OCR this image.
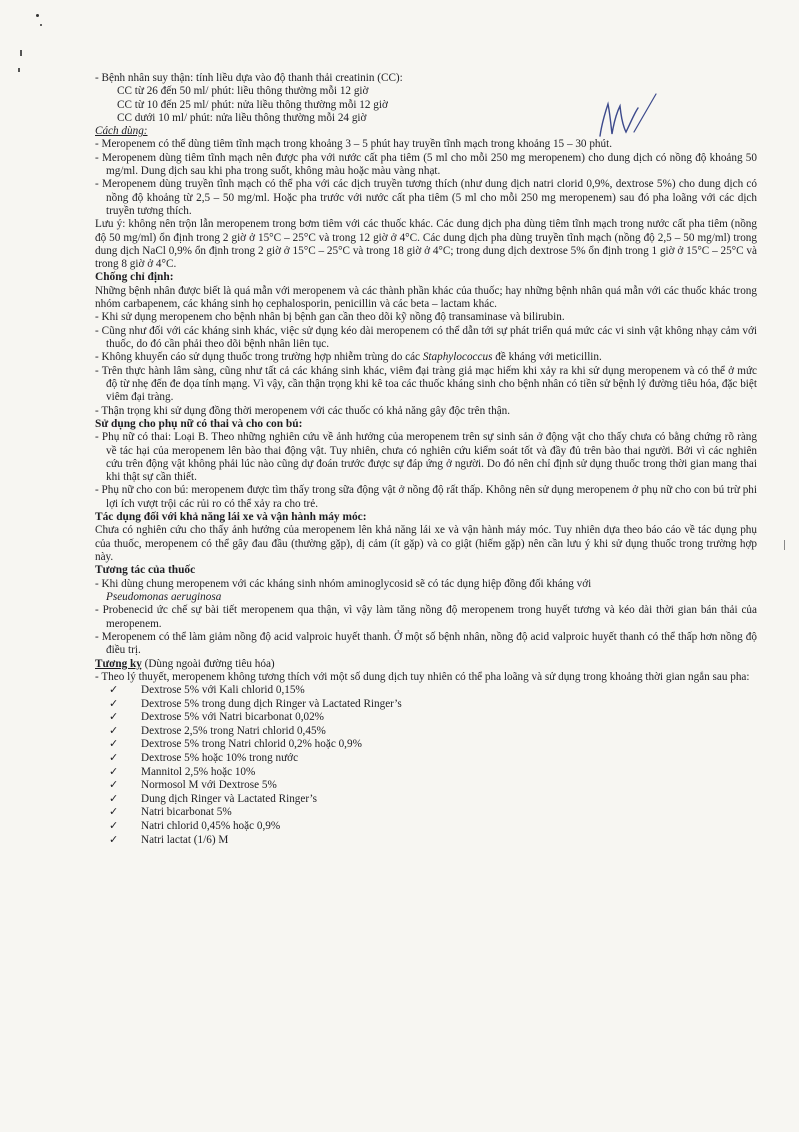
- Bệnh nhân suy thận: tính liều dựa vào độ thanh thải creatinin (CC):

CC từ 26 đến 50 ml/ phút: liều thông thường mỗi 12 giờ

CC từ 10 đến 25 ml/ phút: nửa liều thông thường mỗi 12 giờ

CC dưới 10 ml/ phút: nửa liều thông thường mỗi 24 giờ

Cách dùng:

- Meropenem có thể dùng tiêm tĩnh mạch trong khoảng 3 – 5 phút hay truyền tĩnh mạch trong khoảng 15 – 30 phút.

- Meropenem dùng tiêm tĩnh mạch nên được pha với nước cất pha tiêm (5 ml cho mỗi 250 mg meropenem) cho dung dịch có nồng độ khoảng 50 mg/ml. Dung dịch sau khi pha trong suốt, không màu hoặc màu vàng nhạt.

- Meropenem dùng truyền tĩnh mạch có thể pha với các dịch truyền tương thích (như dung dịch natri clorid 0,9%, dextrose 5%) cho dung dịch có nồng độ khoảng từ 2,5 – 50 mg/ml. Hoặc pha trước với nước cất pha tiêm (5 ml cho mỗi 250 mg meropenem) sau đó pha loãng với các dịch truyền tương thích.

Lưu ý: không nên trộn lẫn meropenem trong bơm tiêm với các thuốc khác. Các dung dịch pha dùng tiêm tĩnh mạch trong nước cất pha tiêm (nồng độ 50 mg/ml) ổn định trong 2 giờ ở 15°C – 25°C và trong 12 giờ ở 4°C. Các dung dịch pha dùng truyền tĩnh mạch (nồng độ 2,5 – 50 mg/ml) trong dung dịch NaCl 0,9% ổn định trong 2 giờ ở 15°C – 25°C và trong 18 giờ ở 4°C; trong dung dịch dextrose 5% ổn định trong 1 giờ ở 15°C – 25°C và trong 8 giờ ở 4°C.

Chống chỉ định:

Những bệnh nhân được biết là quá mẫn với meropenem và các thành phần khác của thuốc; hay những bệnh nhân quá mẫn với các thuốc khác trong nhóm carbapenem, các kháng sinh họ cephalosporin, penicillin và các beta – lactam khác.

- Khi sử dụng meropenem cho bệnh nhân bị bệnh gan cần theo dõi kỹ nồng độ transaminase và bilirubin.

- Cũng như đối với các kháng sinh khác, việc sử dụng kéo dài meropenem có thể dẫn tới sự phát triển quá mức các vi sinh vật không nhạy cảm với thuốc, do đó cần phải theo dõi bệnh nhân liên tục.

- Không khuyến cáo sử dụng thuốc trong trường hợp nhiễm trùng do các Staphylococcus đề kháng với meticillin.

- Trên thực hành lâm sàng, cũng như tất cả các kháng sinh khác, viêm đại tràng giả mạc hiếm khi xảy ra khi sử dụng meropenem và có thể ở mức độ từ nhẹ đến đe dọa tính mạng. Vì vậy, cần thận trọng khi kê toa các thuốc kháng sinh cho bệnh nhân có tiền sử bệnh lý đường tiêu hóa, đặc biệt viêm đại tràng.

- Thận trọng khi sử dụng đồng thời meropenem với các thuốc có khả năng gây độc trên thận.

Sử dụng cho phụ nữ có thai và cho con bú:

- Phụ nữ có thai: Loại B. Theo những nghiên cứu về ảnh hưởng của meropenem trên sự sinh sản ở động vật cho thấy chưa có bằng chứng rõ ràng về tác hại của meropenem lên bào thai động vật. Tuy nhiên, chưa có nghiên cứu kiểm soát tốt và đầy đủ trên bào thai người. Bởi vì các nghiên cứu trên động vật không phải lúc nào cũng dự đoán trước được sự đáp ứng ở người. Do đó nên chỉ định sử dụng thuốc trong thời gian mang thai khi thật sự cần thiết.

- Phụ nữ cho con bú: meropenem được tìm thấy trong sữa động vật ở nồng độ rất thấp. Không nên sử dụng meropenem ở phụ nữ cho con bú trừ phi lợi ích vượt trội các rủi ro có thể xảy ra cho trẻ.

Tác dụng đối với khả năng lái xe và vận hành máy móc:

Chưa có nghiên cứu cho thấy ảnh hưởng của meropenem lên khả năng lái xe và vận hành máy móc. Tuy nhiên dựa theo báo cáo về tác dụng phụ của thuốc, meropenem có thể gây đau đầu (thường gặp), dị cảm (ít gặp) và co giật (hiếm gặp) nên cần lưu ý khi sử dụng thuốc trong trường hợp này.

Tương tác của thuốc

- Khi dùng chung meropenem với các kháng sinh nhóm aminoglycosid sẽ có tác dụng hiệp đồng đối kháng với
Pseudomonas aeruginosa

- Probenecid ức chế sự bài tiết meropenem qua thận, vì vậy làm tăng nồng độ meropenem trong huyết tương và kéo dài thời gian bán thải của meropenem.

- Meropenem có thể làm giảm nồng độ acid valproic huyết thanh. Ở một số bệnh nhân, nồng độ acid valproic huyết thanh có thể thấp hơn nồng độ điều trị.

Tương kỵ (Dùng ngoài đường tiêu hóa)

- Theo lý thuyết, meropenem không tương thích với một số dung dịch tuy nhiên có thể pha loãng và sử dụng trong khoảng thời gian ngắn sau pha:

✓	Dextrose 5% với Kali chlorid 0,15%
✓	Dextrose 5% trong dung dịch Ringer và Lactated Ringer’s
✓	Dextrose 5% với Natri bicarbonat 0,02%
✓	Dextrose 2,5% trong Natri chlorid 0,45%
✓	Dextrose 5% trong Natri chlorid 0,2% hoặc 0,9%
✓	Dextrose 5% hoặc 10% trong nước
✓	Mannitol 2,5% hoặc 10%
✓	Normosol M với Dextrose 5%
✓	Dung dịch Ringer và Lactated Ringer’s
✓	Natri bicarbonat 5%
✓	Natri chlorid 0,45% hoặc 0,9%
✓	Natri lactat (1/6) M
